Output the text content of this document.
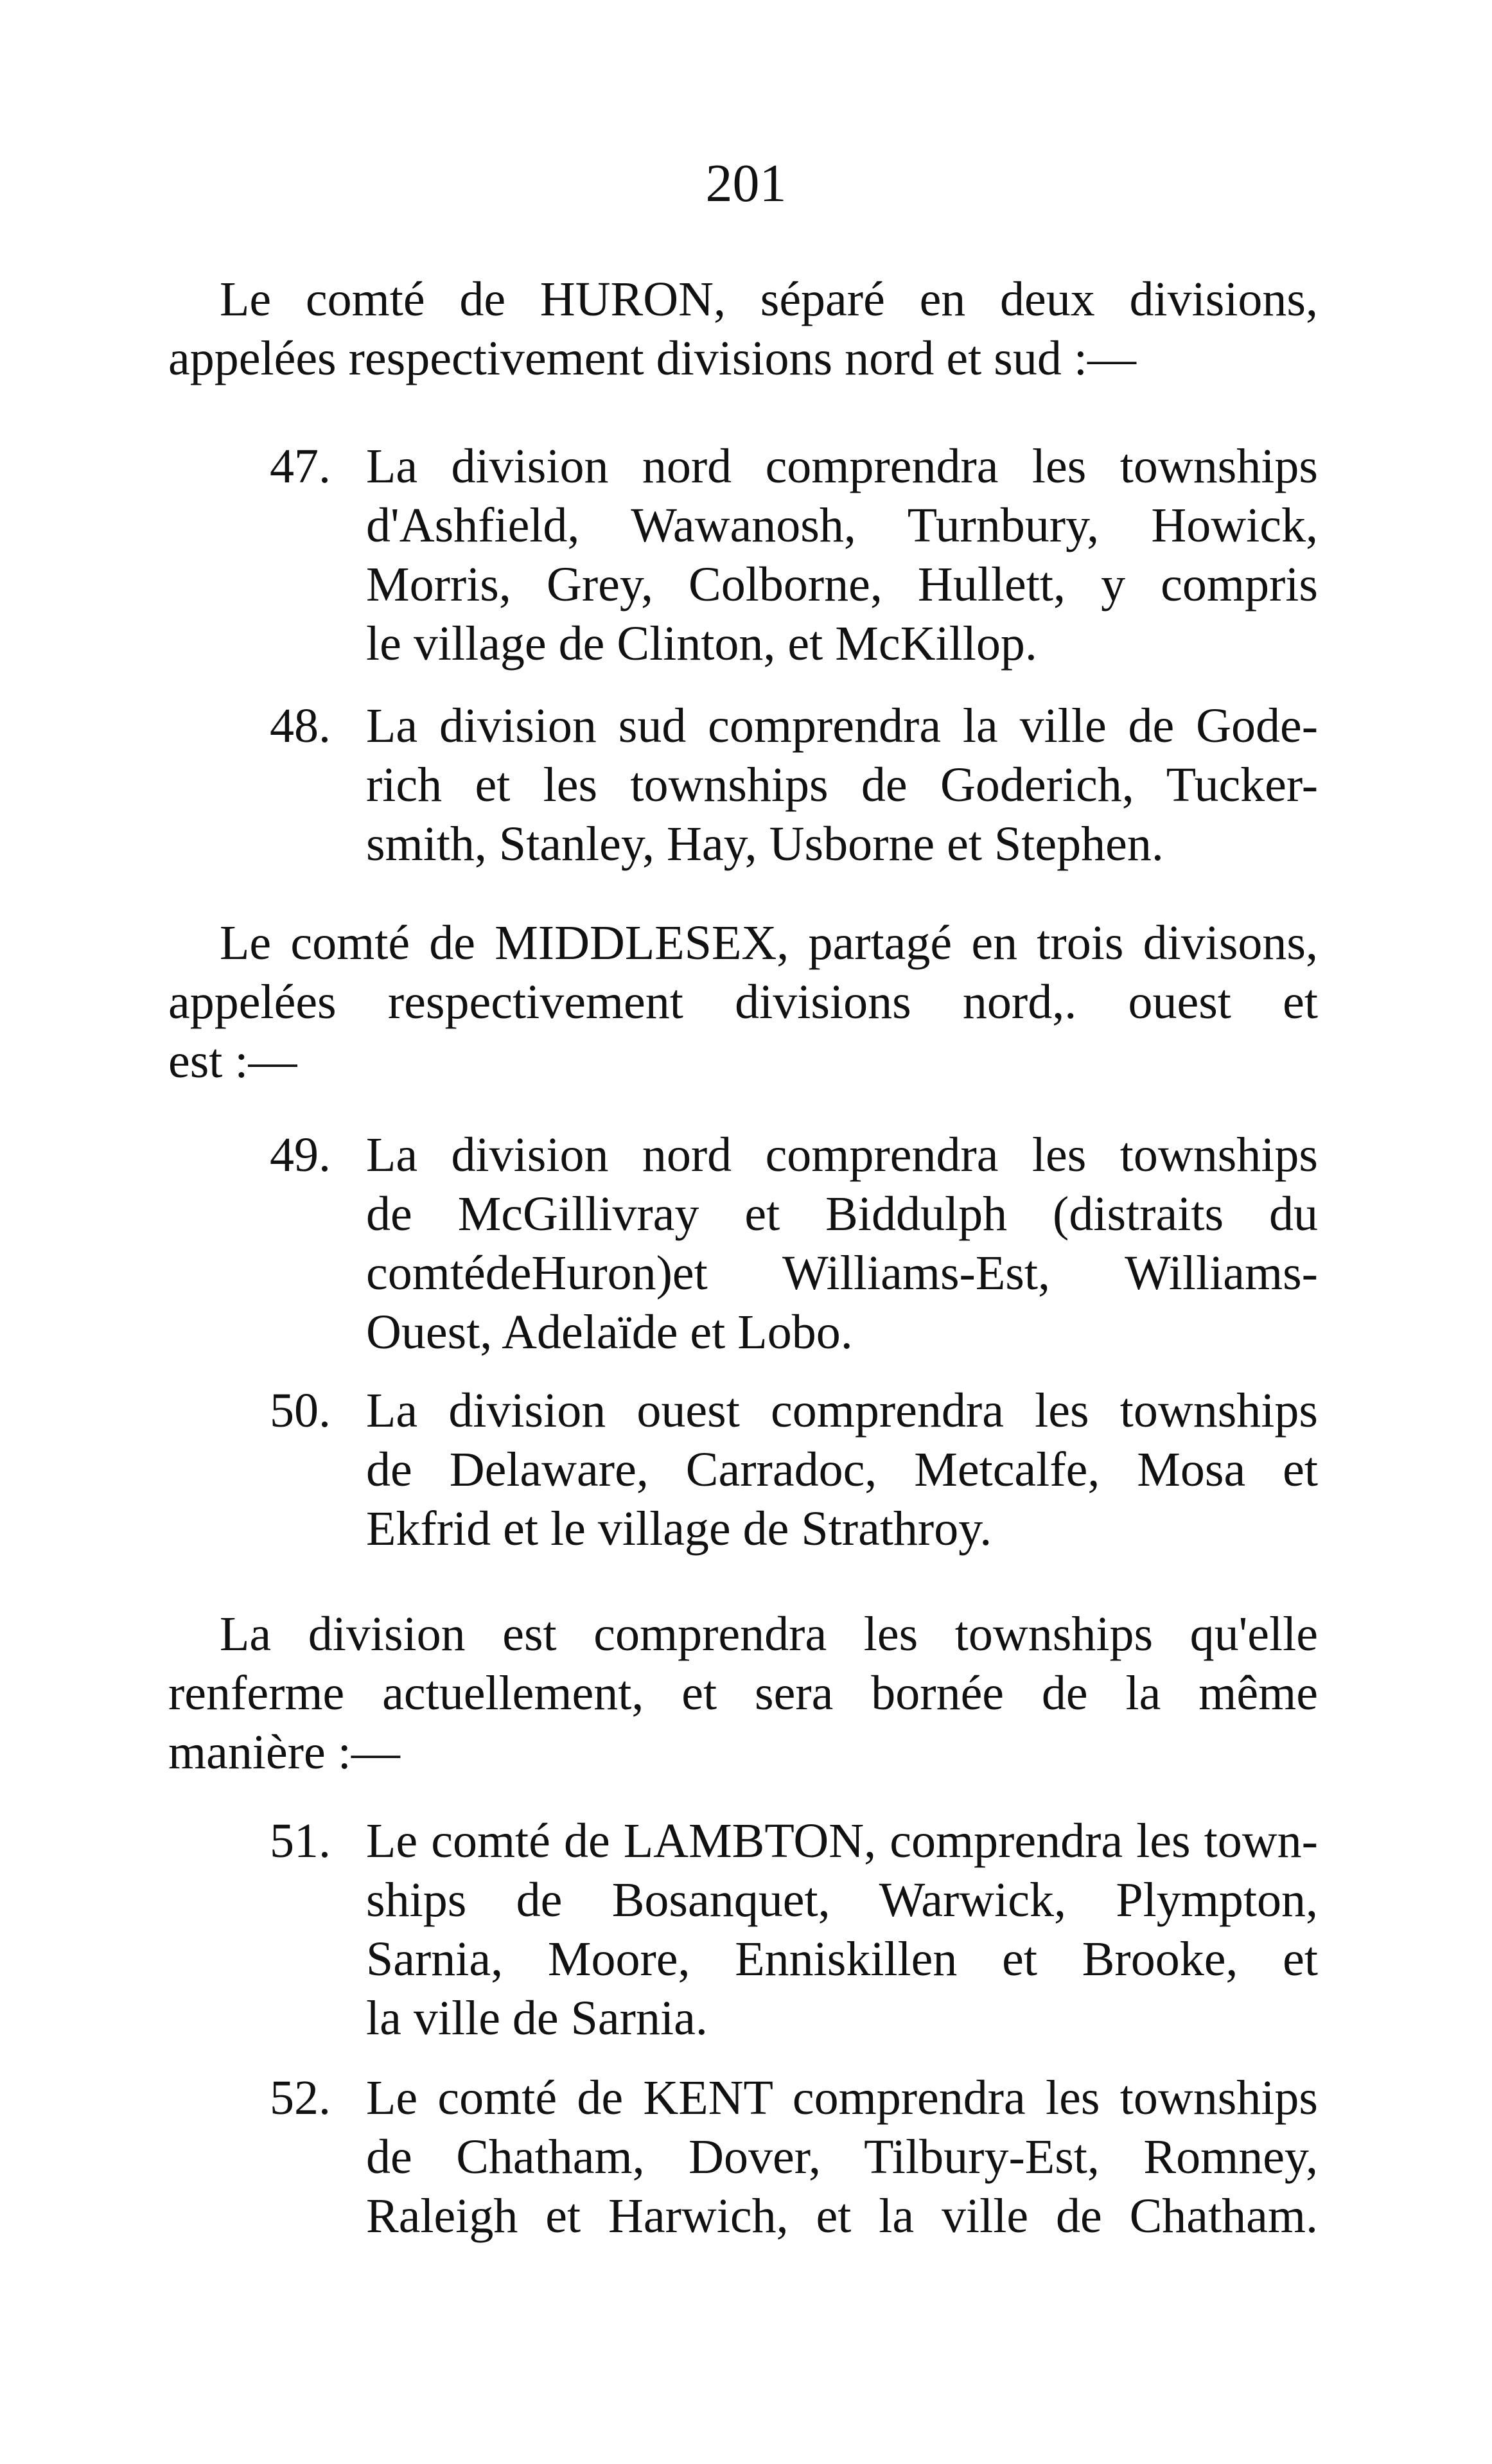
201
Le comté de HURON, séparé en deux divisions,
appelées respectivement divisions nord et sud :—
47. La division nord comprendra les townships
d'Ashfield, Wawanosh, Turnbury, Howick,
Morris, Grey, Colborne, Hullett, y compris
le village de Clinton, et McKillop.
48. La division sud comprendra la ville de Gode-
rich et les townships de Goderich, Tucker-
smith, Stanley, Hay, Usborne et Stephen.
Le comté de MIDDLESEX, partagé en trois divisons,
appelées respectivement divisions nord,. ouest et
est :—
49. La division nord comprendra les townships
de McGillivray et Biddulph (distraits du
comtédeHuron)et Williams-Est, Williams-
Ouest, Adelaïde et Lobo.
50. La division ouest comprendra les townships
de Delaware, Carradoc, Metcalfe, Mosa et
Ekfrid et le village de Strathroy.
La division est comprendra les townships qu'elle
renferme actuellement, et sera bornée de la même
manière :—
51. Le comté de LAMBTON, comprendra les town-
ships de Bosanquet, Warwick, Plympton,
Sarnia, Moore, Enniskillen et Brooke, et
la ville de Sarnia.
52. Le comté de KENT comprendra les townships
de Chatham, Dover, Tilbury-Est, Romney,
Raleigh et Harwich, et la ville de Chatham.
